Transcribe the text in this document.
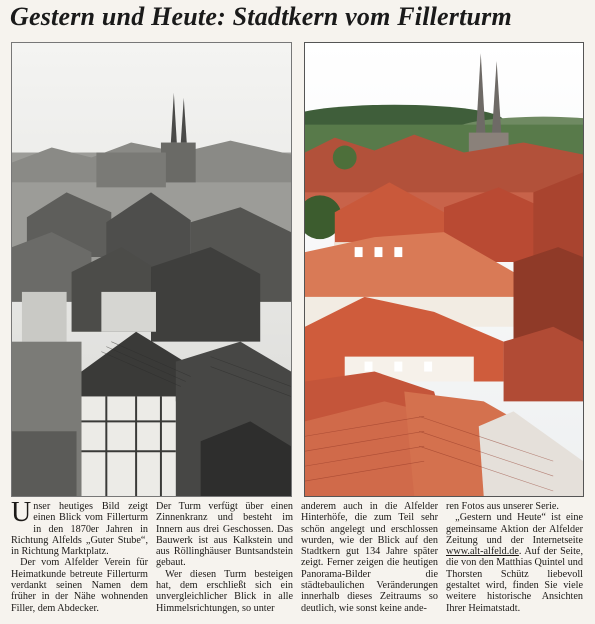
Gestern und Heute: Stadtkern vom Fillerturm

Unser heutiges Bild zeigt einen Blick vom Fillerturm in den 1870er Jahren in Richtung Alfelds „Guter Stube“, in Richtung Marktplatz.

Der vom Alfelder Verein für Heimatkunde betreute Fillerturm verdankt seinen Namen dem früher in der Nähe wohnenden Filler, dem Abdecker.

Der Turm verfügt über einen Zinnenkranz und besteht im Innern aus drei Geschossen. Das Bauwerk ist aus Kalkstein und aus Röllinghäuser Buntsandstein gebaut.

Wer diesen Turm besteigen hat, dem erschließt sich ein unvergleichlicher Blick in alle Himmelsrichtungen, so unter

anderem auch in die Alfelder Hinterhöfe, die zum Teil sehr schön angelegt und erschlossen wurden, wie der Blick auf den Stadtkern gut 134 Jahre später zeigt. Ferner zeigen die heutigen Panorama-Bilder die städtebaulichen Veränderungen innerhalb dieses Zeitraums so deutlich, wie sonst keine ande-

ren Fotos aus unserer Serie.

„Gestern und Heute“ ist eine gemeinsame Aktion der Alfelder Zeitung und der Internetseite www.alt-alfeld.de. Auf der Seite, die von den Matthias Quintel und Thorsten Schütz liebevoll gestaltet wird, finden Sie viele weitere historische Ansichten Ihrer Heimatstadt.
